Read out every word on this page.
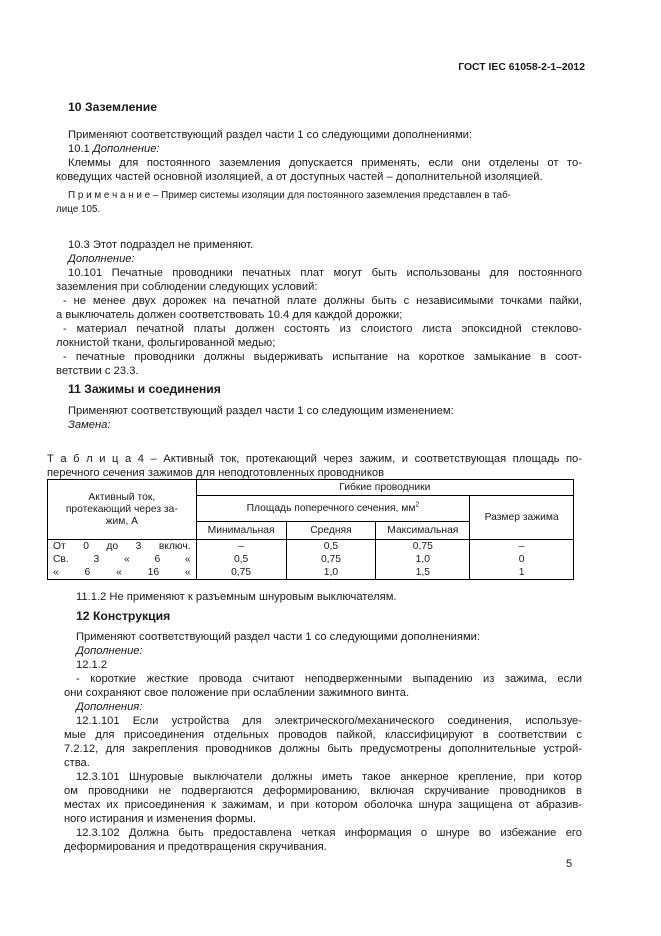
ГОСТ IEC 61058-2-1–2012
10 Заземление
Применяют соответствующий раздел части 1 со следующими дополнениями:
10.1 Дополнение:
Клеммы для постоянного заземления допускается применять, если они отделены от то-
коведущих частей основной изоляцией, а от доступных частей – дополнительной изоляцией.
П р и м е ч а н и е – Пример системы изоляции для постоянного заземления представлен в таб-
лице 105.
10.3 Этот подраздел не применяют.
Дополнение:
10.101 Печатные проводники печатных плат могут быть использованы для постоянного
заземления при соблюдении следующих условий:
- не менее двух дорожек на печатной плате должны быть с независимыми точками пайки,
а выключатель должен соответствовать 10.4 для каждой дорожки;
- материал печатной платы должен состоять из слоистого листа эпоксидной стеклово-
локнистой ткани, фольгированной медью;
- печатные проводники должны выдерживать испытание на короткое замыкание в соот-
ветствии с 23.3.
11 Зажимы и соединения
Применяют соответствующий раздел части 1 со следующим изменением:
Замена:
Т а б л и ц а 4 – Активный ток, протекающий через зажим, и соответствующая площадь по-
перечного сечения зажимов для неподготовленных проводников
Активный ток,
протекающий через за-
жим, А	Гибкие проводники			
	Площадь поперечного сечения, $мм^2$			Размер зажима
	Минимальная	Средняя	Максимальная	

От 0 до 3 включ.	–	0,5	0,75	–

Св. 3 « 6 «	0,5	0,75	1,0	0

« 6 « 16 «	0,75	1,0	1,5	1
11.1.2 Не применяют к разъемным шнуровым выключателям.
12 Конструкция
Применяют соответствующий раздел части 1 со следующими дополнениями:
Дополнение:
12.1.2
- короткие жесткие провода считают неподверженными выпадению из зажима, если
они сохраняют свое положение при ослаблении зажимного винта.
Дополнения:
12.1.101 Если устройства для электрического/механического соединения, используе-
мые для присоединения отдельных проводов пайкой, классифицируют в соответствии с
7.2.12, для закрепления проводников должны быть предусмотрены дополнительные устрой-
ства.
12.3.101 Шнуровые выключатели должны иметь такое анкерное крепление, при котор
ом проводники не подвергаются деформированию, включая скручивание проводников в
местах их присоединения к зажимам, и при котором оболочка шнура защищена от абразив-
ного истирания и изменения формы.
12.3.102 Должна быть предоставлена четкая информация о шнуре во избежание его
деформирования и предотвращения скручивания.
5
